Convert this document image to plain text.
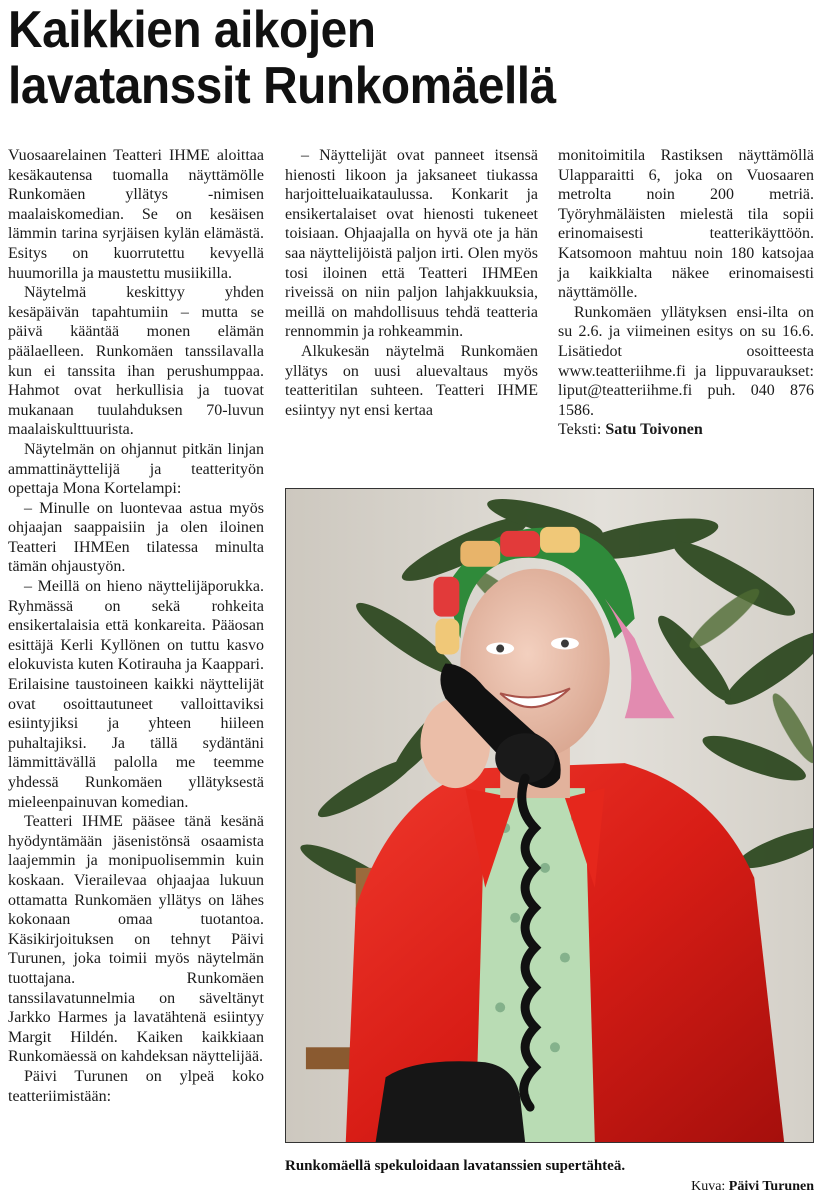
Kaikkien aikojen
lavatanssit Runkomäellä

Vuosaarelainen Teatteri IHME aloittaa kesäkautensa tuomalla näyttämölle Runkomäen yllätys -nimisen maalaiskomedian. Se on kesäisen lämmin tarina syrjäisen kylän elämästä. Esitys on kuorrutettu kevyellä huumorilla ja maustettu musiikilla.

Näytelmä keskittyy yhden kesäpäivän tapahtumiin – mutta se päivä kääntää monen elämän päälaelleen. Runkomäen tanssilavalla kun ei tanssita ihan perushumppaa. Hahmot ovat herkullisia ja tuovat mukanaan tuulahduksen 70-luvun maalaiskulttuurista.

Näytelmän on ohjannut pitkän linjan ammattinäyttelijä ja teatterityön opettaja Mona Kortelampi:

– Minulle on luontevaa astua myös ohjaajan saappaisiin ja olen iloinen Teatteri IHMEen tilatessa minulta tämän ohjaustyön.

– Meillä on hieno näyttelijäporukka. Ryhmässä on sekä rohkeita ensikertalaisia että konkareita. Pääosan esittäjä Kerli Kyllönen on tuttu kasvo elokuvista kuten Kotirauha ja Kaappari. Erilaisine taustoineen kaikki näyttelijät ovat osoittautuneet valloittaviksi esiintyjiksi ja yhteen hiileen puhaltajiksi. Ja tällä sydäntäni lämmittävällä palolla me teemme yhdessä Runkomäen yllätyksestä mieleenpainuvan komedian.

Teatteri IHME pääsee tänä kesänä hyödyntämään jäsenistönsä osaamista laajemmin ja monipuolisemmin kuin koskaan. Vierailevaa ohjaajaa lukuun ottamatta Runkomäen yllätys on lähes kokonaan omaa tuotantoa. Käsikirjoituksen on tehnyt Päivi Turunen, joka toimii myös näytelmän tuottajana. Runkomäen tanssilavatunnelmia on säveltänyt Jarkko Harmes ja lavatähtenä esiintyy Margit Hildén. Kaiken kaikkiaan Runkomäessä on kahdeksan näyttelijää.

Päivi Turunen on ylpeä koko teatteriimistään:

– Näyttelijät ovat panneet itsensä hienosti likoon ja jaksaneet tiukassa harjoitteluaikataulussa. Konkarit ja ensikertalaiset ovat hienosti tukeneet toisiaan. Ohjaajalla on hyvä ote ja hän saa näyttelijöistä paljon irti. Olen myös tosi iloinen että Teatteri IHMEen riveissä on niin paljon lahjakkuuksia, meillä on mahdollisuus tehdä teatteria rennommin ja rohkeammin.

Alkukesän näytelmä Runkomäen yllätys on uusi aluevaltaus myös teatteritilan suhteen. Teatteri IHME esiintyy nyt ensi kertaa

monitoimitila Rastiksen näyttämöllä Ulapparaitti 6, joka on Vuosaaren metrolta noin 200 metriä. Työryhmäläisten mielestä tila sopii erinomaisesti teatterikäyttöön. Katsomoon mahtuu noin 180 katsojaa ja kaikkialta näkee erinomaisesti näyttämölle.

Runkomäen yllätyksen ensi-ilta on su 2.6. ja viimeinen esitys on su 16.6. Lisätiedot osoitteesta www.teatteriihme.fi ja lippuvaraukset: liput@teatteriihme.fi puh. 040 876 1586.

Teksti: Satu Toivonen

Runkomäellä spekuloidaan lavatanssien supertähteä.
Kuva: Päivi Turunen
